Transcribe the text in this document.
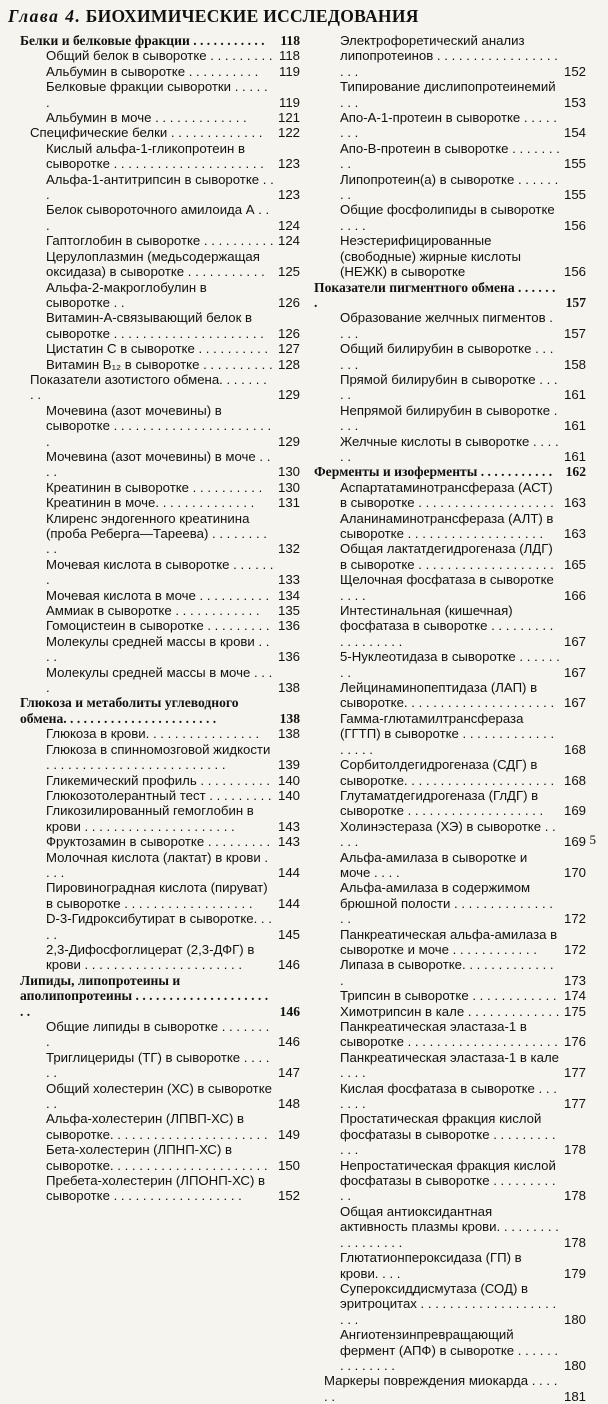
Глава 4. БИОХИМИЧЕСКИЕ ИССЛЕДОВАНИЯ
Белки и белковые фракции . . . . . . . . . . .	118
Общий белок в сыворотке . . . . . . . . . 118
Альбумин в сыворотке . . . . . . . . . .	119
Белковые фракции сыворотки . . . . . .	119
Альбумин в моче . . . . . . . . . . . . .	121
Специфические белки . . . . . . . . . . . . .	122
Кислый альфа-1-гликопротеин в сыворотке . . . . . . . . . . . . . . . . . . . . .	123
Альфа-1-антитрипсин в сыворотке . . .	123
Белок сывороточного амилоида А . . .	124
Гаптоглобин в сыворотке . . . . . . . . . . 124
Церулоплазмин (медьсодержащая оксидаза) в сыворотке . . . . . . . . . . .	125
Альфа-2-макроглобулин в сыворотке . .	126
Витамин-А-связывающий белок в сыворотке . . . . . . . . . . . . . . . . . . . . .	126
Цистатин С в сыворотке . . . . . . . . . . 127
Витамин В₁₂ в сыворотке . . . . . . . . . . 128
Показатели азотистого обмена. . . . . . . . .	129
Мочевина (азот мочевины) в сыворотке . . . . . . . . . . . . . . . . . . . . . . .	129
Мочевина (азот мочевины) в моче . . . .	130
Креатинин в сыворотке . . . . . . . . . .	130
Креатинин в моче. . . . . . . . . . . . . .	131
Клиренс эндогенного креатинина (проба Реберга—Тареева) . . . . . . . . . .	132
Мочевая кислота в сыворотке . . . . . . .	133
Мочевая кислота в моче . . . . . . . . . . 134
Аммиак в сыворотке . . . . . . . . . . . .	135
Гомоцистеин в сыворотке . . . . . . . . . 136
Молекулы средней массы в крови . . . .	136
Молекулы средней массы в моче . . . .	138
Глюкоза и метаболиты углеводного обмена. . . . . . . . . . . . . . . . . . . . . . .	138
Глюкоза в крови. . . . . . . . . . . . . . . .	138
Глюкоза в спинномозговой жидкости . . . . . . . . . . . . . . . . . . . . . . . . .	139
Гликемический профиль . . . . . . . . . . 140
Глюкозотолерантный тест . . . . . . . . . 140
Гликозилированный гемоглобин в крови . . . . . . . . . . . . . . . . . . . . .	143
Фруктозамин в сыворотке . . . . . . . . . 143
Молочная кислота (лактат) в крови . . . .	144
Пировиноградная кислота (пируват) в сыворотке . . . . . . . . . . . . . . . . . .	144
D-3-Гидроксибутират в сыворотке. . . . .	145
2,3-Дифосфоглицерат (2,3-ДФГ) в крови . . . . . . . . . . . . . . . . . . . . . .	146
Липиды, липопротеины и аполипопротеины . . . . . . . . . . . . . . . . . . . . . .	146
Общие липиды в сыворотке . . . . . . . .	146
Триглицериды (ТГ) в сыворотке . . . . . .	147
Общий холестерин (ХС) в сыворотке . .	148
Альфа-холестерин (ЛПВП-ХС) в сыворотке. . . . . . . . . . . . . . . . . . . . . . 149
Бета-холестерин (ЛПНП-ХС) в сыворотке. . . . . . . . . . . . . . . . . . . . . . 150
Пребета-холестерин (ЛПОНП-ХС) в сыворотке . . . . . . . . . . . . . . . . . .	152
Электрофоретический анализ липопротеинов . . . . . . . . . . . . . . . . . . . .	152
Типирование дислипопротеинемий . . .	153
Апо-А-1-протеин в сыворотке . . . . . . . .	154
Апо-В-протеин в сыворотке . . . . . . . . .	155
Липопротеин(а) в сыворотке . . . . . . . .	155
Общие фосфолипиды в сыворотке . . . .	156
Неэстерифицированные (свободные) жирные кислоты (НЕЖК) в сыворотке	156
Показатели пигментного обмена . . . . . . .	157
Образование желчных пигментов . . . .	157
Общий билирубин в сыворотке . . . . . .	158
Прямой билирубин в сыворотке . . . . .	161
Непрямой билирубин в сыворотке . . . .	161
Желчные кислоты в сыворотке . . . . . .	161
Ферменты и изоферменты . . . . . . . . . . . 162
Аспартатаминотрансфераза (АСТ) в сыворотке . . . . . . . . . . . . . . . . . . . 163
Аланинаминотрансфераза (АЛТ) в сыворотке . . . . . . . . . . . . . . . . . . .	163
Общая лактатдегидрогеназа (ЛДГ) в сыворотке . . . . . . . . . . . . . . . . . . . 165
Щелочная фосфатаза в сыворотке . . . .	166
Интестинальная (кишечная) фосфатаза в сыворотке . . . . . . . . . . . . . . . . . .	167
5-Нуклеотидаза в сыворотке . . . . . . . .	167
Лейцинаминопептидаза (ЛАП) в сыворотке. . . . . . . . . . . . . . . . . . . . . 167
Гамма-глютамилтрансфераза (ГГТП) в сыворотке . . . . . . . . . . . . . . . . . .	168
Сорбитолдегидрогеназа (СДГ) в сыворотке. . . . . . . . . . . . . . . . . . . . . 168
Глутаматдегидрогеназа (ГлДГ) в сыворотке . . . . . . . . . . . . . . . . . . .	169
Холинэстераза (ХЭ) в сыворотке . . . . .	169
Альфа-амилаза в сыворотке и моче . . . .	170
Альфа-амилаза в содержимом брюшной полости . . . . . . . . . . . . . . . .	172
Панкреатическая альфа-амилаза в сыворотке и моче . . . . . . . . . . . .	172
Липаза в сыворотке. . . . . . . . . . . . . .	173
Трипсин в сыворотке . . . . . . . . . . . . 174
Химотрипсин в кале . . . . . . . . . . . . . 175
Панкреатическая эластаза-1 в сыворотке . . . . . . . . . . . . . . . . . . . . . 176
Панкреатическая эластаза-1 в кале . . . .	177
Кислая фосфатаза в сыворотке . . . . . . .	177
Простатическая фракция кислой фосфатазы в сыворотке . . . . . . . . . . . .	178
Непростатическая фракция кислой фосфатазы в сыворотке . . . . . . . . . . .	178
Общая антиоксидантная активность плазмы крови. . . . . . . . . . . . . . . . . .	178
Глютатионпероксидаза (ГП) в крови. . . .	179
Супероксиддисмутаза (СОД) в эритроцитах . . . . . . . . . . . . . . . . . . . . . .	180
Ангиотензинпревращающий фермент (АПФ) в сыворотке . . . . . . . . . . . . . .	180
Маркеры повреждения миокарда . . . . . .	181
5
